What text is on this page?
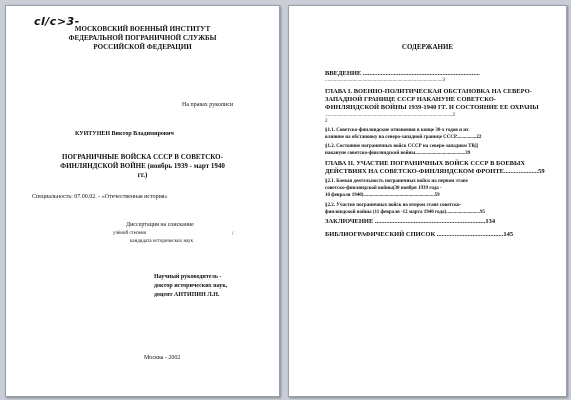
cl/c>3-
МОСКОВСКИЙ ВОЕННЫЙ ИНСТИТУТ
ФЕДЕРАЛЬНОЙ ПОГРАНИЧНОЙ СЛУЖБЫ
РОССИЙСКОЙ ФЕДЕРАЦИИ
На правах рукописи
КУИТУНЕН Виктор Владимирович
ПОГРАНИЧНЫЕ ВОЙСКА СССР В СОВЕТСКО-
ФИНЛЯНДСКОЙ ВОЙНЕ (ноябрь 1939 - март 1940
гг.)
Специальность: 07.00.02. - «Отечественная история»
Диссертация на соискание
учёной степени
кандидата исторических наук
/
Научный руководитель -
доктор исторических наук,
доцент АНТИПИН Л.Н.
Москва - 2002
СОДЕРЖАНИЕ
ВВЕДЕНИЕ ........................................................................
..............................................................................................3
ГЛАВА I. ВОЕННО-ПОЛИТИЧЕСКАЯ ОБСТАНОВКА НА СЕВЕРО-
ЗАПАДНОЙ ГРАНИЦЕ СССР НАКАНУНЕ СОВЕТСКО-
ФИНЛЯНДСКОЙ ВОЙНЫ 1939-1940 ГГ. И СОСТОЯНИЕ ЕЕ ОХРАНЫ
......................................................................................................2
2
§1.1. Советско-финляндские отношения в конце 30-х годов и их
влияние на обстановку на северо-западной границе СССР................22
§1.2. Состояние пограничных войск СССР на северо-западном ТВД
накануне советско-финляндской войны........................................39
ГЛАВА II. УЧАСТИЕ ПОГРАНИЧНЫХ ВОЙСК СССР В БОЕВЫХ
ДЕЙСТВИЯХ НА СОВЕТСКО-ФИНЛЯНДСКОМ ФРОНТЕ.....................59
§2.1. Боевая деятельность пограничных войск на первом этапе
советско-финляндской войны(30 ноября 1939 года -
10 февраля 1940).........................................................59
§2.2. Участие пограничных войск во втором этапе советско-
финляндской войны (11 февраля -12 марта 1940 года)...........................95
ЗАКЛЮЧЕНИЕ ....................................................................134
БИБЛИОГРАФИЧЕСКИЙ СПИСОК .........................................145
